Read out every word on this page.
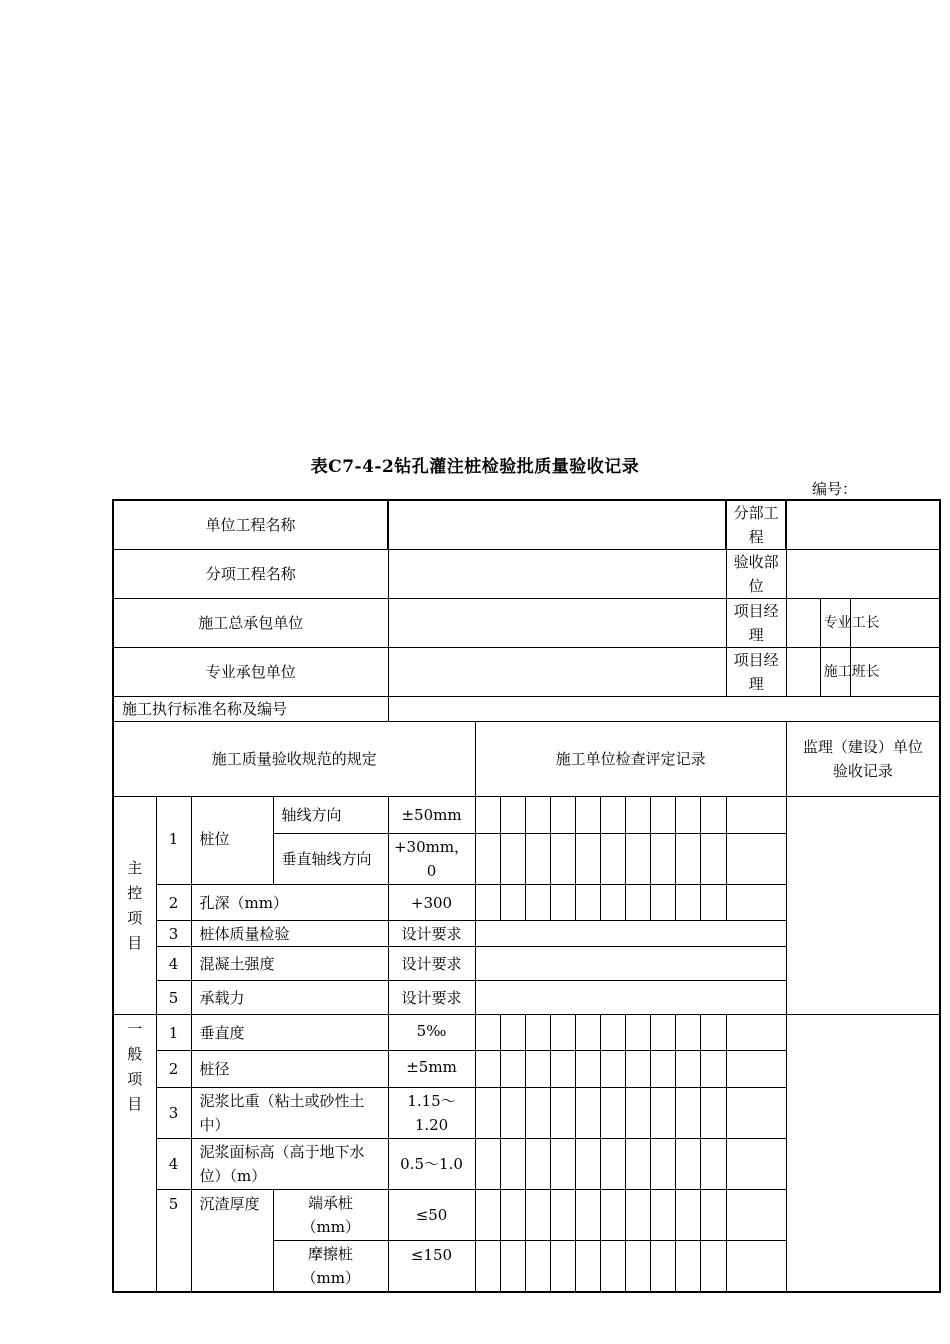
表C7-4-2钻孔灌注桩检验批质量验收记录
编号：
单位工程名称															分部工程			
分项工程名称															验收部位			
施工总承包单位															项目经理		专业工长	
专业承包单位															项目经理		施工班长	
施工执行标准名称及编号																		
施工质量验收规范的规定					施工单位检查评定记录											监理（建设）单位验收记录		
主控项目	1	桩位	轴线方向	±50mm														
			垂直轴线方向	+30mm，0														
	2	孔深（mm）		+300														
	3	桩体质量检验		设计要求														
	4	混凝土强度		设计要求														
	5	承载力		设计要求														
一般项目	1	垂直度		5‰														
	2	桩径		±5mm														
	3	泥浆比重（粘土或砂性土中）		1.15～1.20														
	4	泥浆面标高（高于地下水位）（m）		0.5～1.0														
	5	沉渣厚度	端承桩（mm）	≤50														
			摩擦桩（mm）	≤150														
